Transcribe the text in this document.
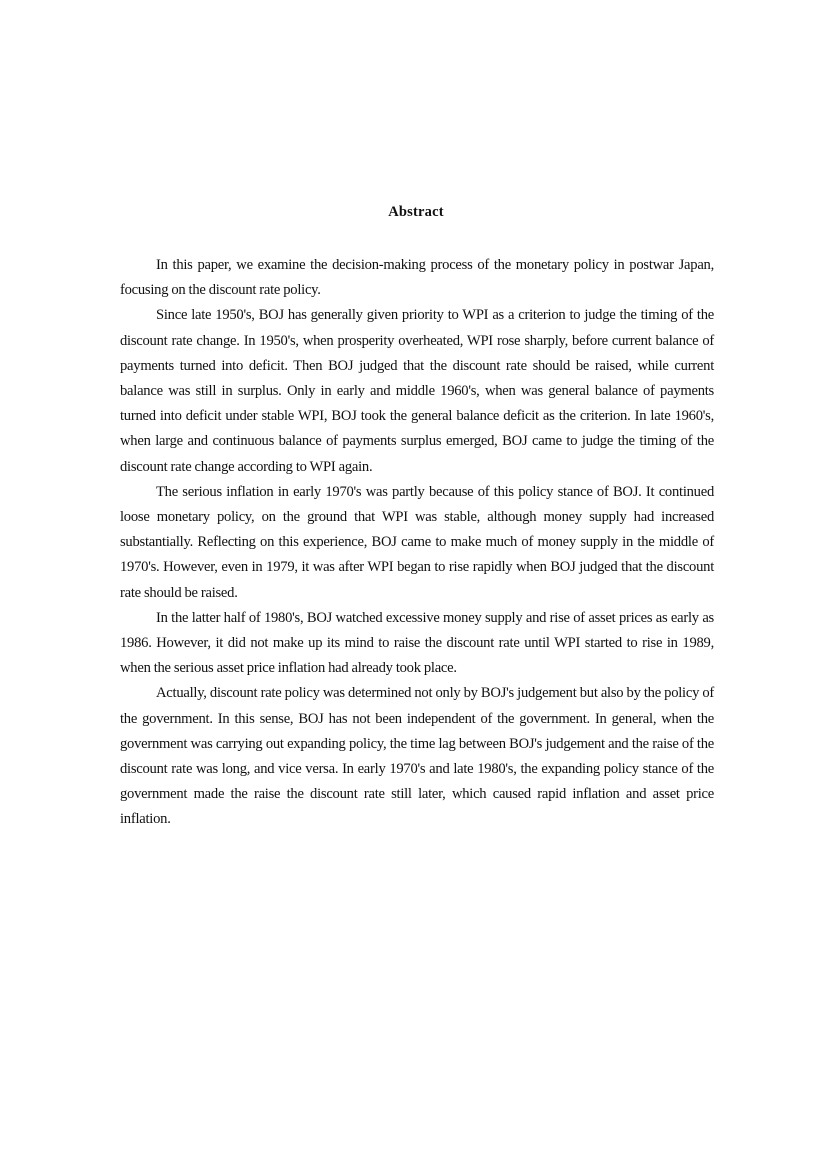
Abstract

In this paper, we examine the decision-making process of the monetary policy in postwar Japan, focusing on the discount rate policy.

Since late 1950's, BOJ has generally given priority to WPI as a criterion to judge the timing of the discount rate change. In 1950's, when prosperity overheated, WPI rose sharply, before current balance of payments turned into deficit. Then BOJ judged that the discount rate should be raised, while current balance was still in surplus. Only in early and middle 1960's, when was general balance of payments turned into deficit under stable WPI, BOJ took the general balance deficit as the criterion. In late 1960's, when large and continuous balance of payments surplus emerged, BOJ came to judge the timing of the discount rate change according to WPI again.

The serious inflation in early 1970's was partly because of this policy stance of BOJ. It continued loose monetary policy, on the ground that WPI was stable, although money supply had increased substantially. Reflecting on this experience, BOJ came to make much of money supply in the middle of 1970's. However, even in 1979, it was after WPI began to rise rapidly when BOJ judged that the discount rate should be raised.

In the latter half of 1980's, BOJ watched excessive money supply and rise of asset prices as early as 1986. However, it did not make up its mind to raise the discount rate until WPI started to rise in 1989, when the serious asset price inflation had already took place.

Actually, discount rate policy was determined not only by BOJ's judgement but also by the policy of the government. In this sense, BOJ has not been independent of the government. In general, when the government was carrying out expanding policy, the time lag between BOJ's judgement and the raise of the discount rate was long, and vice versa. In early 1970's and late 1980's, the expanding policy stance of the government made the raise the discount rate still later, which caused rapid inflation and asset price inflation.
